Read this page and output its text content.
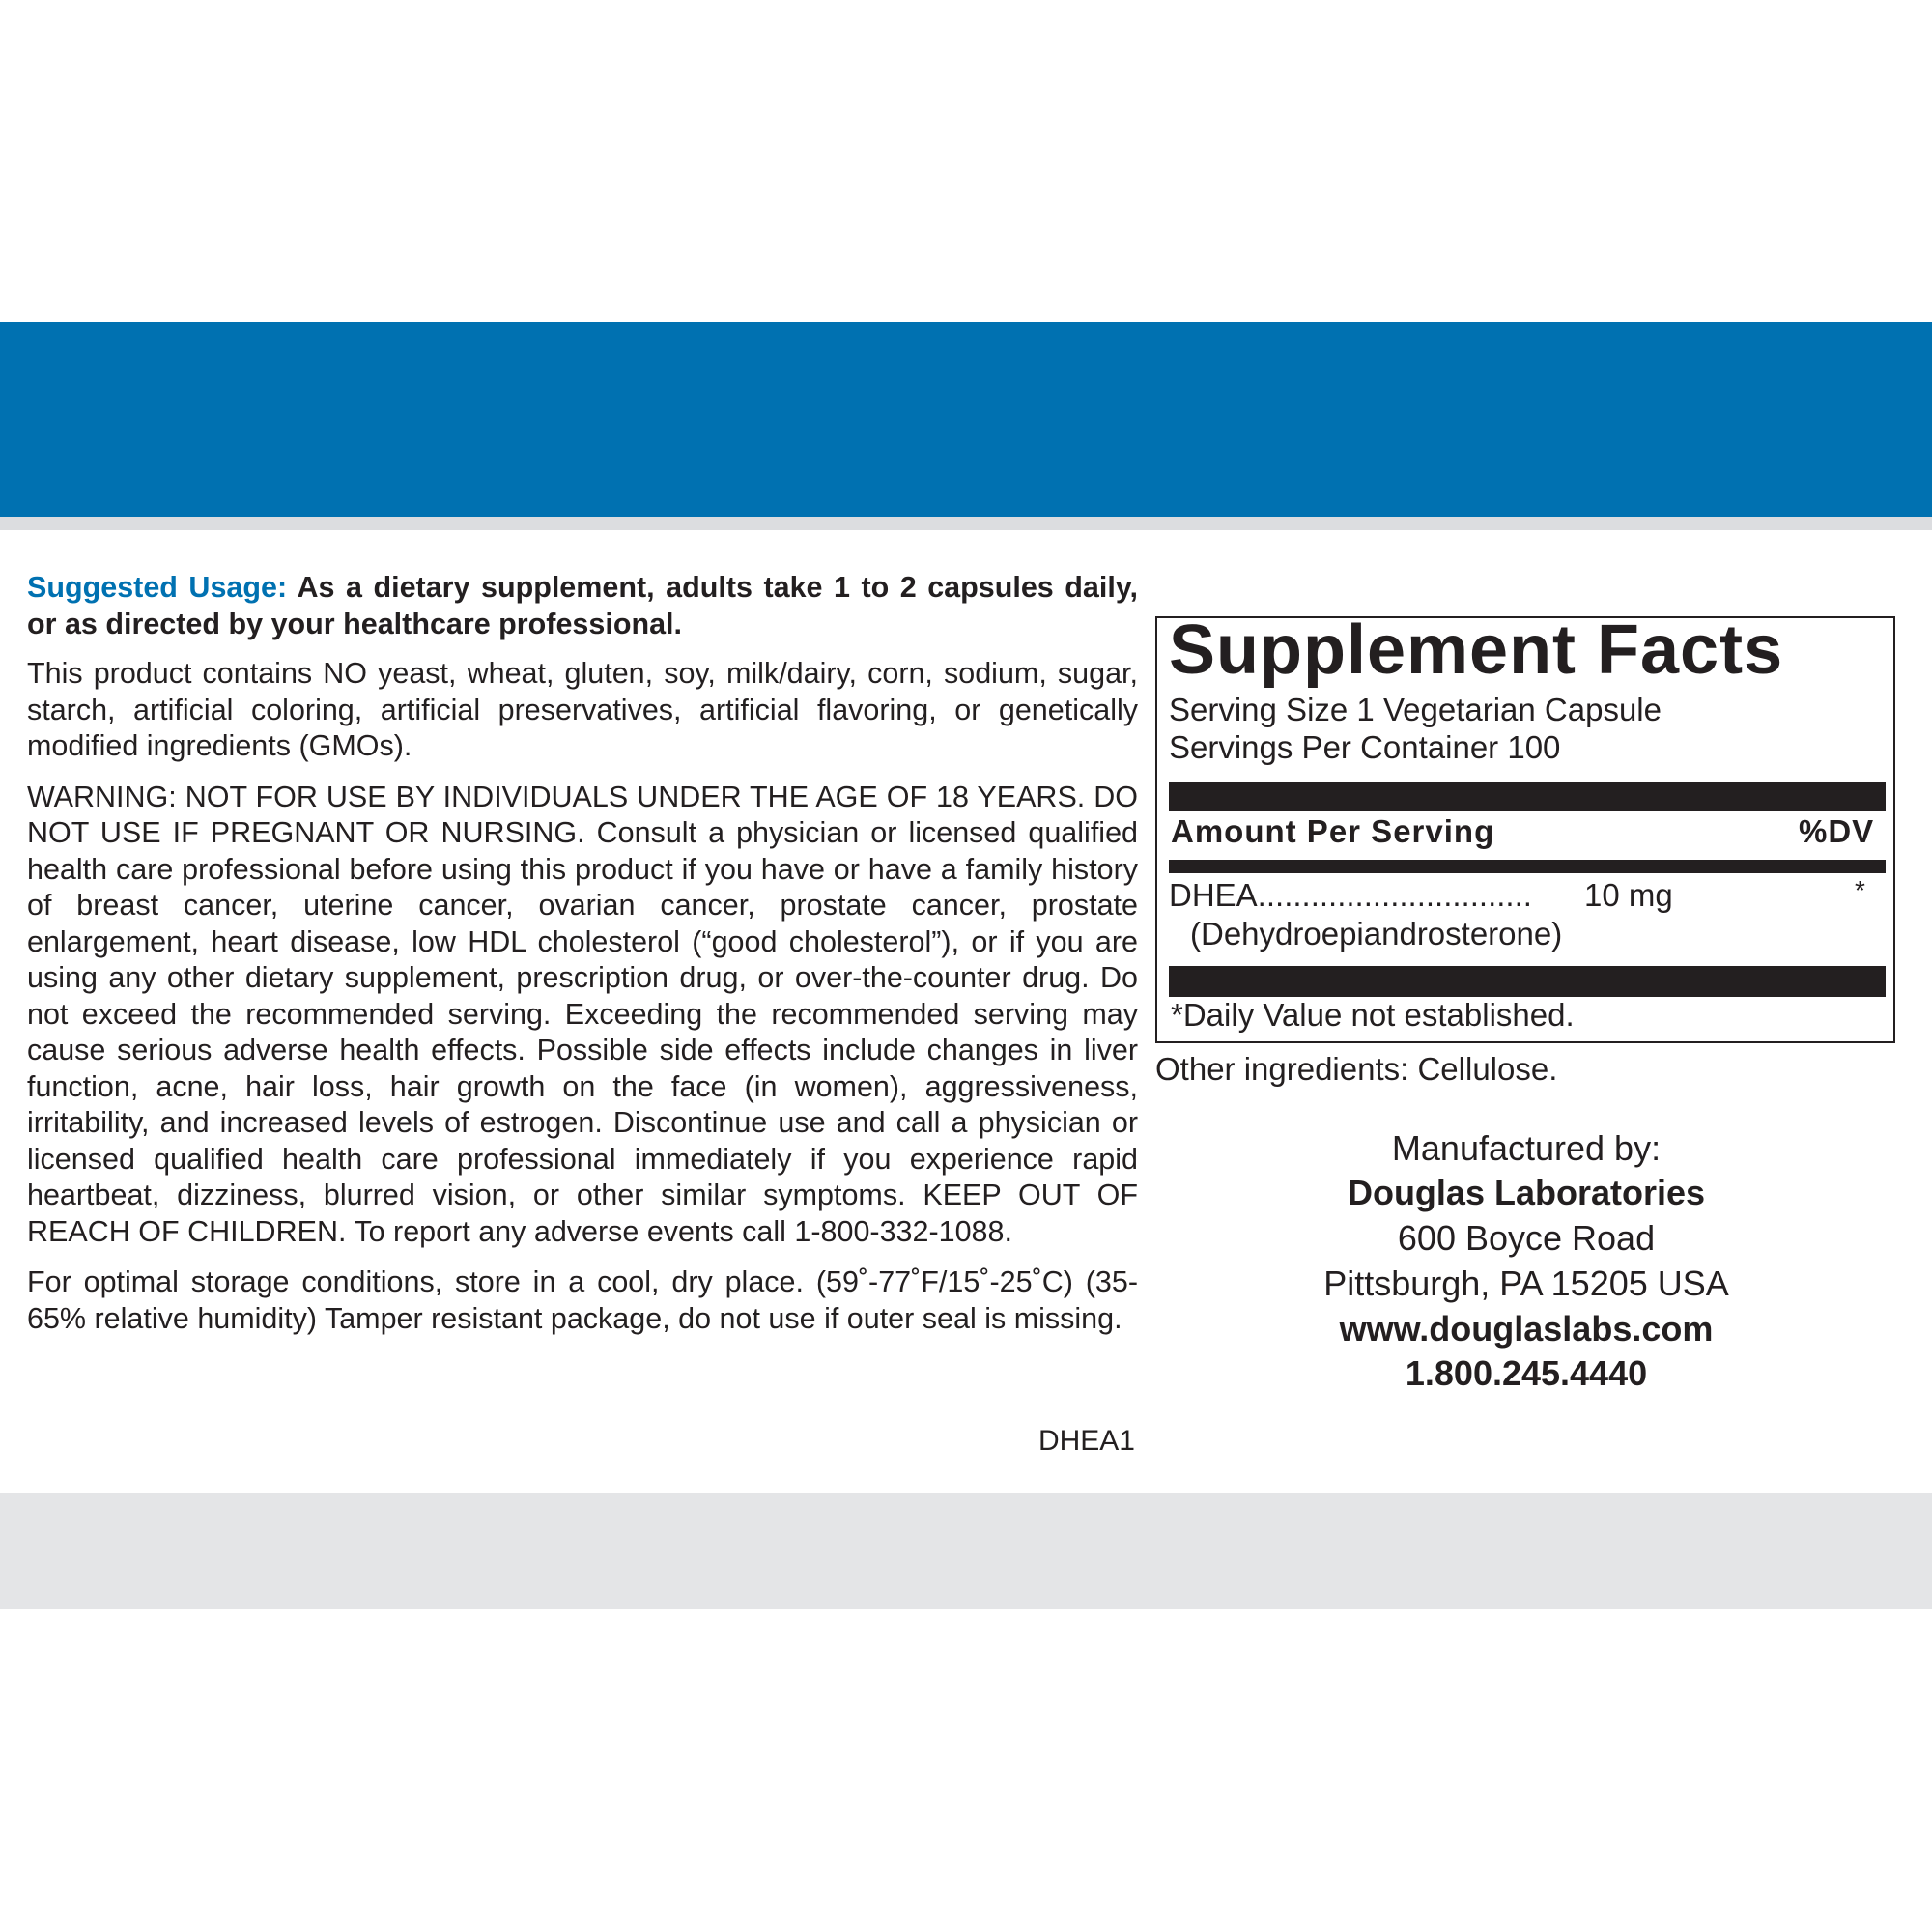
Suggested Usage: As a dietary supplement, adults take 1 to 2 capsules daily, or as directed by your healthcare professional.

This product contains NO yeast, wheat, gluten, soy, milk/dairy, corn, sodium, sugar, starch, artificial coloring, artificial preservatives, artificial flavoring, or genetically modified ingredients (GMOs).

WARNING: NOT FOR USE BY INDIVIDUALS UNDER THE AGE OF 18 YEARS. DO NOT USE IF PREGNANT OR NURSING. Consult a physician or licensed qualified health care professional before using this product if you have or have a family history of breast cancer, uterine cancer, ovarian cancer, prostate cancer, prostate enlargement, heart disease, low HDL cholesterol (“good cholesterol”), or if you are using any other dietary supplement, prescription drug, or over-the-counter drug. Do not exceed the recommended serving. Exceeding the recommended serving may cause serious adverse health effects. Possible side effects include changes in liver function, acne, hair loss, hair growth on the face (in women), aggressiveness, irritability, and increased levels of estrogen. Discontinue use and call a physician or licensed qualified health care professional immediately if you experience rapid heartbeat, dizziness, blurred vision, or other similar symptoms. KEEP OUT OF REACH OF CHILDREN. To report any adverse events call 1-800-332-1088.

For optimal storage conditions, store in a cool, dry place. (59˚-77˚F/15˚-25˚C) (35-65% relative humidity) Tamper resistant package, do not use if outer seal is missing.

DHEA1
Supplement Facts
Serving Size 1 Vegetarian Capsule
Servings Per Container 100
Amount Per Serving	%DV
DHEA............................... 10 mg	*
(Dehydroepiandrosterone)
*Daily Value not established.
Other ingredients: Cellulose.
Manufactured by:
Douglas Laboratories
600 Boyce Road
Pittsburgh, PA 15205 USA
www.douglaslabs.com
1.800.245.4440
